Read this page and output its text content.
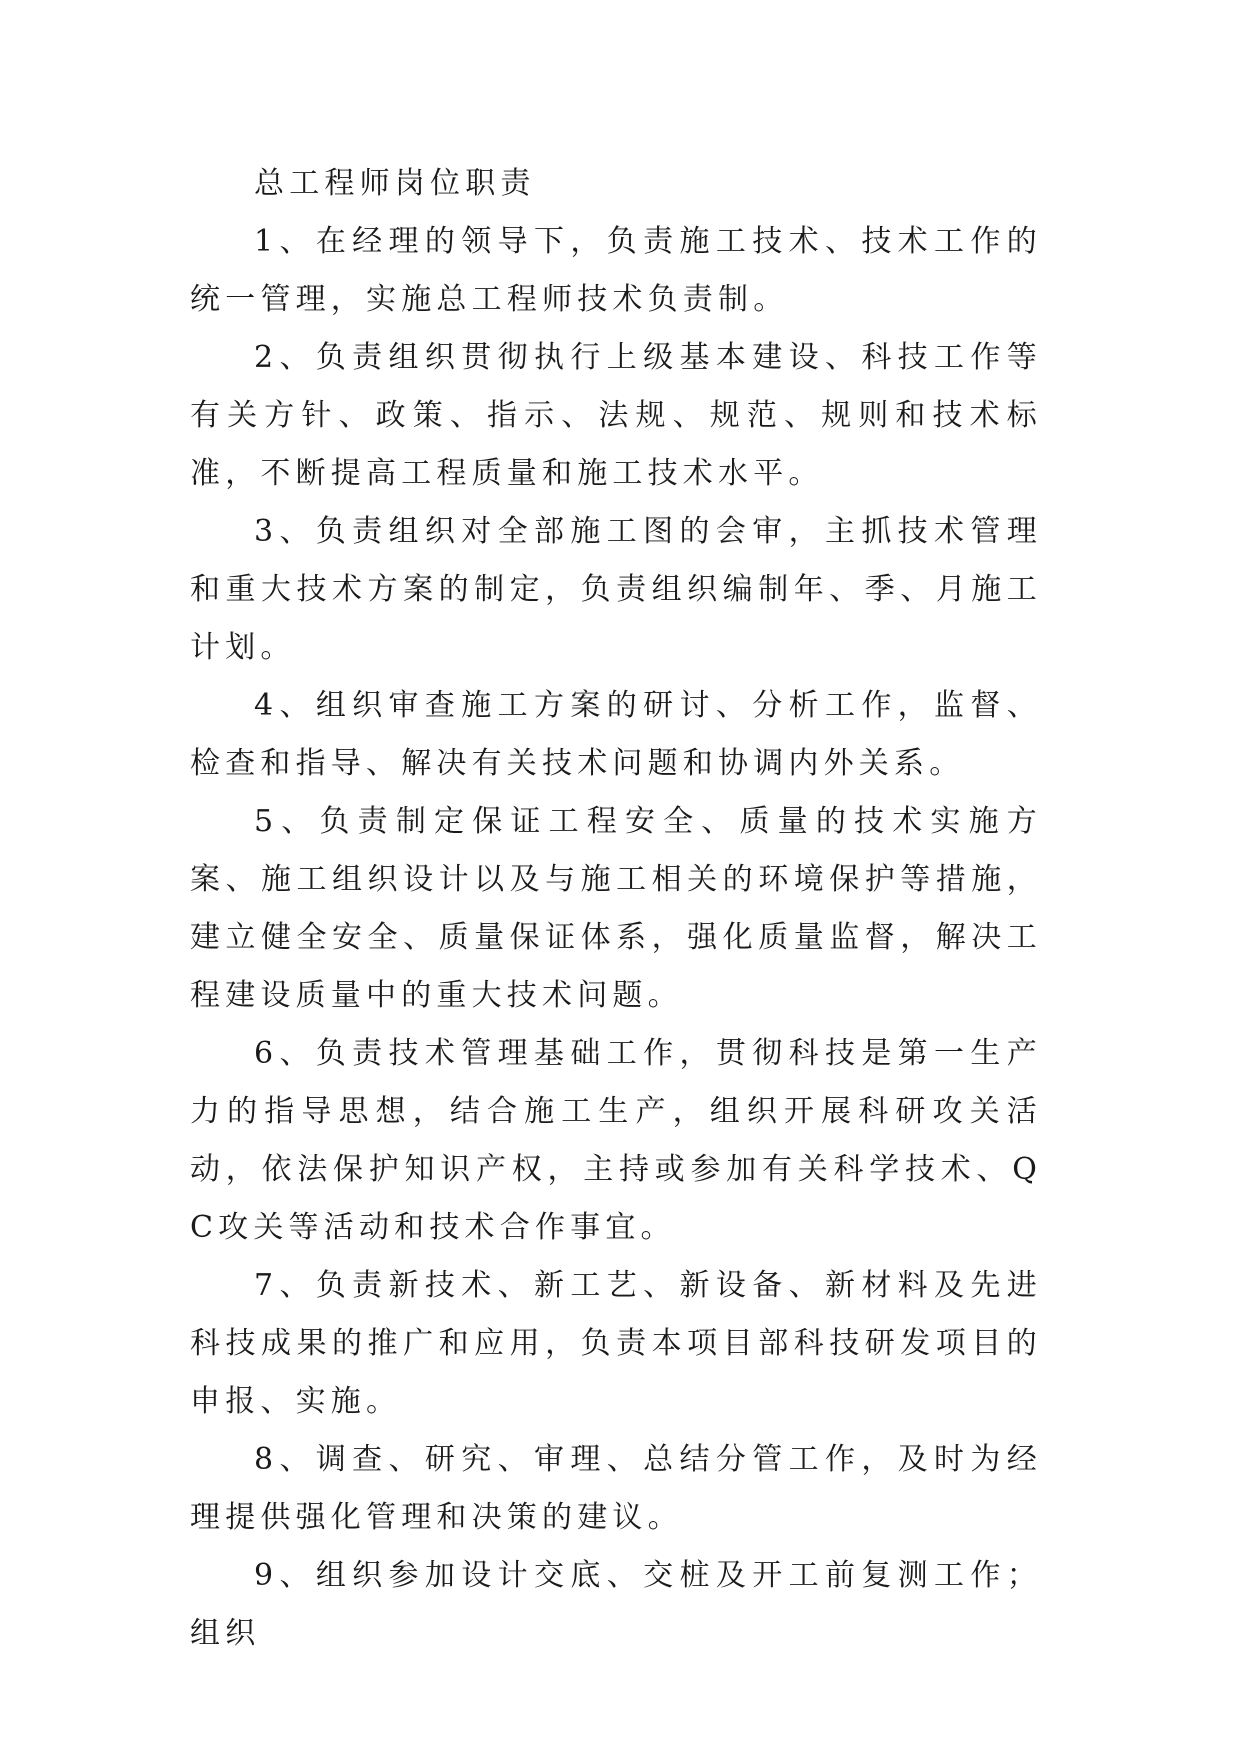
总工程师岗位职责

1、在经理的领导下，负责施工技术、技术工作的统一管理，实施总工程师技术负责制。

2、负责组织贯彻执行上级基本建设、科技工作等有关方针、政策、指示、法规、规范、规则和技术标准，不断提高工程质量和施工技术水平。

3、负责组织对全部施工图的会审，主抓技术管理和重大技术方案的制定，负责组织编制年、季、月施工计划。

4、组织审查施工方案的研讨、分析工作，监督、检查和指导、解决有关技术问题和协调内外关系。

5、负责制定保证工程安全、质量的技术实施方案、施工组织设计以及与施工相关的环境保护等措施，建立健全安全、质量保证体系，强化质量监督，解决工程建设质量中的重大技术问题。

6、负责技术管理基础工作，贯彻科技是第一生产力的指导思想，结合施工生产，组织开展科研攻关活动，依法保护知识产权，主持或参加有关科学技术、QC攻关等活动和技术合作事宜。

7、负责新技术、新工艺、新设备、新材料及先进科技成果的推广和应用，负责本项目部科技研发项目的申报、实施。

8、调查、研究、审理、总结分管工作，及时为经理提供强化管理和决策的建议。

9、组织参加设计交底、交桩及开工前复测工作；组织
